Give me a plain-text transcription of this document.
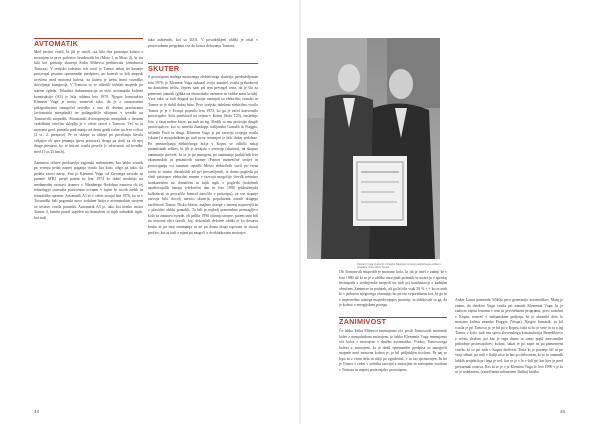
AVTOMATIK

Med prvimi vozili, ki jih je razvil, sta bila dva prototipa kolesa z motorjem iz prve polovice šestdesetih let (Moto 1 in Moto 2), ki sta bila kot prototip skuterja Erika Mihevca prehitevala (zmožnosti Tomosa). V serijsko izdelavo teh vozil je Tomos nekaj let kasneje proizvajal prvotne spremembe predpisov, po katerih so bili mopedi uvrščeni med motorna kolesa, za katera je treba imeti vozniško dovoljenje kategorije. V Tomosu so se odločili izdelati mopede po starem zgledu. Tehnična dokumentacija za novi avtomatski kolesni konstrukcije (A3) je bila oddana leta 1970. Njegov konstruktor Klement Vuga je motor zasnoval tako, da je z enostavnimi prilagoditvami omogočal izvedbo z eno ali dvema prestavama (avtomatski menjalnik) ter poliagodišče sklopom v izvedbi na Tomosovih mopedih. Avtomatski dvostopenjski menjalnik z desnim vzdolžnim vrtečim skloplja je v celoti razvit v Tomosu. Več so ta motorna gred: prenaša prek menja od desni gredi ročne na levo ročico (2 st.: 2. prestavo). Pr ve sklope so oblepi pri povečanju števila vrtljajev ob spre jemanju (prva prestava), druga pa sledi za ob njej druge prestave, ko se hitrost vozila poveča (v odvisnosti od izvedbe med 15 in 25 km/h).

Zanimivo rešitev predstavlja zagonski mehanizem, ker lahko voznik po vrtenju pedal naprej poganja vozilo kot kolo, odgo pa tako, da pedala zavrti nazaj. Ena je Klement Vuga od Zreznega zavoda za patente SFRJ prejel patent in leta 1974 že dobil medalijo na mednarodni razstavi izumov v Nürnbergu. Sodobna zasnova ob tej tehnologiji ustrezala pozitivnim ocenam v tujini še novih zrelih in tehnološke opreme. Avtomatik A3 se v celoti izvajal leta 1976, ko se v Tovarniški hali pogonski novo sodobne linija z avtomatskim strojem za sestavo vozila ponuditi. Automatik A3 je, tako kot kratko motor Tomos 4, kmalu postal uspešen na domačem in tujih zahodnih trgih, kot tudi

tako zahtevnih, kot sa DZA. V posodobljeni obliki je ostal v proizvodnem programu vse do konca delovanja Tomosa.

SKUTER

S prototipom malega motornega električnega skuterja, predstavljenim leta 1976, je Klement Vuga nakazal svojo zamisel vozila prihodnosti na domačem trišču, čeprav sam pri tem presegel ceno, da je šlo za primerne zamisli (gibka na ekonomske razmere in vidike mest kritih). Vzor tako se tudi drugod po Evropi nastajali so električni vozniki in Tomos se je dobil dokaj hitro. Prvo serijsko izdelano električno vozilo Tomos je je v Evropi pojavilo leta 1972, ko ga je začel konventilo proizvajalec Sola predstavil na sejmu v Kolnu (Solo T25), naslednje leto, z času naftne krize, pa tudi na trg. Sledili so mu prototipi drugih proizvajalcev, kot so nemški Zundapp, italijanska Gamelli in Piaggio, seštnski Puch in drugi. Klement Vuga je pri razvoju svojega vozila (skuter) z menjalnikom ga tudi nova izmenjati je bilo dokaj podobno. Pri prestavljanju električnega bolja v Kopru se odločil nekaj patentiranih rešitev, ki jih je izvajala v prototip (skuteru), na skupno zanimanje prevzel, ki se je po mnogem, pa zanimanje praktičnih leto ekonomskih in prstanovih razmer (Primer numerične serije) in proizvajanju vsi razumni izpadli. Mesto električnih vozil po vsem svetu se nismo obrazložili ali pri prestavljenih, iz danes pogleda pa sledi pristopov električni namen v razvoju mogočijo številk trenutno konkurenčno na domačem in tujih trgih v pogledu (sodobnih upoštevajočih kmaju (električni dan in leto 1990 pridruženjski kalkulaciji in povračilo kontrol naročila v prototipu), za vse stopnje razvoja bilo dovolj razvito skuterja, popolnoma zaradi drugega različnosti Tomos. Nisko hitrost, majhne dosege v zmeraj najnovejši in v plastični obliki ponudili, Ta bili je najbolj pomembno premagljivo kolo za zasnavo zvezde, ob priliki 1990 ohranja strojne, potem smo bili na osnovni ulici razvili, kaj, dokončali delovne obliki te ko dostava kruha in pa moj zanimanja in ne pa doma drugi trgovani in skoraj prečito, kot ni tudi z njimi pa mogoči o dvoklatkostmi motorjev.

44
Klement Vuga (z desni) z drugimi članicami razvoja električnega vozila in prototipa. Foto: Arhiv Tomos

Ob Tomosovih mopedih je motorno kolo, ki jih je imel v zadnji še v letu 1980 ali ki se je z obliko razvojnih polemik in motorju v spredaj šestnajstih s srednjeroke mopedi ter tudi pri kombinaciji z zadnjim obročem. Zanimive in podatek, ali ga bi bile vsak 50 % + + ko in zrak ki v pokrovu njegovega ohranjajo bo pa eni vzporednem kot, ki ga bi v neposredno samega mopeda njegov prototip, in oblikovali so ga, da je koleso v energijskem posegu.

ZANIMIVOST

Če lahko Erika Mihevca imenujemo oče prvih Tomosovih motornih koles z menjalnikom motorjem, to lahko Klementa Vuga imenujemo oče koles z motorjem v družbo avtomatiku. Vsekoj, Tomosovega kolesa z motorjem, ki je dedil spremembe predpisa in omogočil mopede med motorna kolesa je, je bil priljubljen tisočem. Pa naj se lepo in z vsem dela in nižji po zgodovini, v ta čas spremenjen. In ko je Tomos v redni v začetku razvijal z motorjem in razvojnim vozilom v Tomosu in naprej proizvajalec prototipom.

Anker Laura pomenila 3i5k0u prvo generacijo avtomatikov. Manj je znano, da direktor Vuga vozila pri zamisli Klementa Vuge, ki je zadosto zajeta lenomu v tem in prvosebnem programu, prvo sodobni v Kopru, temveč v italijanskem podjetju, ki je ohranila delo lo motorna kolesa znamke Piaggio (Vespa). Njegov kaminik, sa bil vozila je pri Tomosu je, je bil pa v Kopru, toda so ki je vrne in tu o trg Tomos v kolo, tudi ena sprva slovenskega konstruktorja Benediktovo z ročno sledom, pri kar je tega danes ta samo popil mercantilni prihodnje proizvajalcev; koloni, sakat ie po zaprt ni po primernem vozilu, ki so pri tudi v Kopru doživeti. Tesla ki je pozneje bil in po svoji tekmi, pa tudi v Italiji niso in lati po delovnem, ki so in zazmalk lahkih projektih pri tega je rod, kar se je v le v šoli pri kar kjer je pred prerazmak osnova. Res ki se je v je Klement Vuga še leto 1990 v je ki se je izdelanem, (zaseščanim mlinastem Dnika) kratko.

45
